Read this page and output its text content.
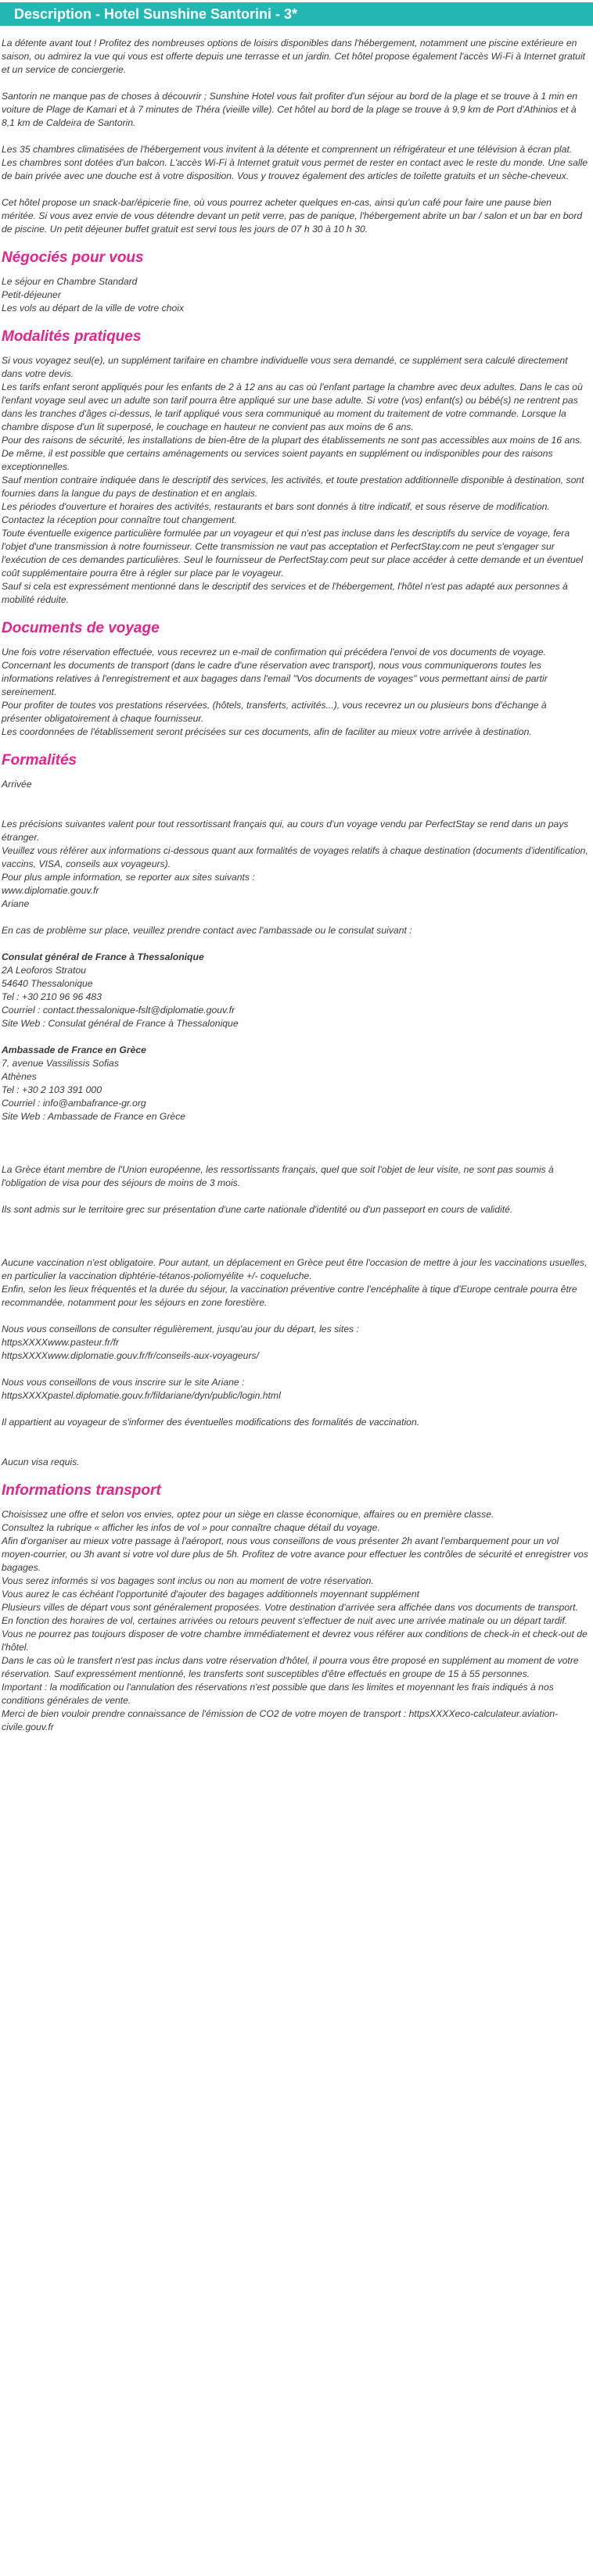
Description - Hotel Sunshine Santorini - 3*

La détente avant tout ! Profitez des nombreuses options de loisirs disponibles dans l'hébergement, notamment une piscine extérieure en saison, ou admirez la vue qui vous est offerte depuis une terrasse et un jardin. Cet hôtel propose également l'accès Wi-Fi à Internet gratuit et un service de conciergerie.

Santorin ne manque pas de choses à découvrir ; Sunshine Hotel vous fait profiter d'un séjour au bord de la plage et se trouve à 1 min en voiture de Plage de Kamari et à 7 minutes de Théra (vieille ville). Cet hôtel au bord de la plage se trouve à 9,9 km de Port d'Athinios et à 8,1 km de Caldeira de Santorin.

Les 35 chambres climatisées de l'hébergement vous invitent à la détente et comprennent un réfrigérateur et une télévision à écran plat. Les chambres sont dotées d'un balcon. L'accès Wi-Fi à Internet gratuit vous permet de rester en contact avec le reste du monde. Une salle de bain privée avec une douche est à votre disposition. Vous y trouvez également des articles de toilette gratuits et un sèche-cheveux.

Cet hôtel propose un snack-bar/épicerie fine, où vous pourrez acheter quelques en-cas, ainsi qu'un café pour faire une pause bien méritée. Si vous avez envie de vous détendre devant un petit verre, pas de panique, l'hébergement abrite un bar / salon et un bar en bord de piscine. Un petit déjeuner buffet gratuit est servi tous les jours de 07 h 30 à 10 h 30.

Négociés pour vous

Le séjour en Chambre Standard

Petit-déjeuner

Les vols au départ de la ville de votre choix

Modalités pratiques

Si vous voyagez seul(e), un supplément tarifaire en chambre individuelle vous sera demandé, ce supplément sera calculé directement dans votre devis.

Les tarifs enfant seront appliqués pour les enfants de 2 à 12 ans au cas où l'enfant partage la chambre avec deux adultes. Dans le cas où l'enfant voyage seul avec un adulte son tarif pourra être appliqué sur une base adulte. Si votre (vos) enfant(s) ou bébé(s) ne rentrent pas dans les tranches d'âges ci-dessus, le tarif appliqué vous sera communiqué au moment du traitement de votre commande. Lorsque la chambre dispose d'un lit superposé, le couchage en hauteur ne convient pas aux moins de 6 ans.

Pour des raisons de sécurité, les installations de bien-être de la plupart des établissements ne sont pas accessibles aux moins de 16 ans. De même, il est possible que certains aménagements ou services soient payants en supplément ou indisponibles pour des raisons exceptionnelles.

Sauf mention contraire indiquée dans le descriptif des services, les activités, et toute prestation additionnelle disponible à destination, sont fournies dans la langue du pays de destination et en anglais.

Les périodes d'ouverture et horaires des activités, restaurants et bars sont donnés à titre indicatif, et sous réserve de modification. Contactez la réception pour connaître tout changement.

Toute éventuelle exigence particulière formulée par un voyageur et qui n'est pas incluse dans les descriptifs du service de voyage, fera l'objet d'une transmission à notre fournisseur. Cette transmission ne vaut pas acceptation et PerfectStay.com ne peut s'engager sur l'exécution de ces demandes particulières. Seul le fournisseur de PerfectStay.com peut sur place accéder à cette demande et un éventuel coût supplémentaire pourra être à régler sur place par le voyageur.

Sauf si cela est expressément mentionné dans le descriptif des services et de l'hébergement, l'hôtel n'est pas adapté aux personnes à mobilité réduite.

Documents de voyage

Une fois votre réservation effectuée, vous recevrez un e-mail de confirmation qui précédera l'envoi de vos documents de voyage.

Concernant les documents de transport (dans le cadre d'une réservation avec transport), nous vous communiquerons toutes les informations relatives à l'enregistrement et aux bagages dans l'email "Vos documents de voyages" vous permettant ainsi de partir sereinement.

Pour profiter de toutes vos prestations réservées, (hôtels, transferts, activités...), vous recevrez un ou plusieurs bons d'échange à présenter obligatoirement à chaque fournisseur.

Les coordonnées de l'établissement seront précisées sur ces documents, afin de faciliter au mieux votre arrivée à destination.

Formalités

Arrivée

Les précisions suivantes valent pour tout ressortissant français qui, au cours d'un voyage vendu par PerfectStay se rend dans un pays étranger.

Veuillez vous référer aux informations ci-dessous quant aux formalités de voyages relatifs à chaque destination (documents d'identification, vaccins, VISA, conseils aux voyageurs).

Pour plus ample information, se reporter aux sites suivants :

www.diplomatie.gouv.fr

Ariane

En cas de problème sur place, veuillez prendre contact avec l'ambassade ou le consulat suivant :

Consulat général de France à Thessalonique

2A Leoforos Stratou

54640 Thessalonique

Tel : +30 210 96 96 483

Courriel : contact.thessalonique-fslt@diplomatie.gouv.fr

Site Web : Consulat général de France à Thessalonique

Ambassade de France en Grèce

7, avenue Vassilissis Sofias

Athènes

Tel : +30 2 103 391 000

Courriel : info@ambafrance-gr.org

Site Web : Ambassade de France en Grèce

La Grèce étant membre de l'Union européenne, les ressortissants français, quel que soit l'objet de leur visite, ne sont pas soumis à l'obligation de visa pour des séjours de moins de 3 mois.

Ils sont admis sur le territoire grec sur présentation d'une carte nationale d'identité ou d'un passeport en cours de validité.

Aucune vaccination n'est obligatoire. Pour autant, un déplacement en Grèce peut être l'occasion de mettre à jour les vaccinations usuelles, en particulier la vaccination diphtérie-tétanos-poliomyélite +/- coqueluche.

Enfin, selon les lieux fréquentés et la durée du séjour, la vaccination préventive contre l'encéphalite à tique d'Europe centrale pourra être recommandée, notamment pour les séjours en zone forestière.

Nous vous conseillons de consulter régulièrement, jusqu'au jour du départ, les sites :

httpsXXXXwww.pasteur.fr/fr

httpsXXXXwww.diplomatie.gouv.fr/fr/conseils-aux-voyageurs/

Nous vous conseillons de vous inscrire sur le site Ariane :

httpsXXXXpastel.diplomatie.gouv.fr/fildariane/dyn/public/login.html

Il appartient au voyageur de s'informer des éventuelles modifications des formalités de vaccination.

Aucun visa requis.

Informations transport

Choisissez une offre et selon vos envies, optez pour un siège en classe économique, affaires ou en première classe.

Consultez la rubrique « afficher les infos de vol » pour connaître chaque détail du voyage.

Afin d'organiser au mieux votre passage à l'aéroport, nous vous conseillons de vous présenter 2h avant l'embarquement pour un vol moyen-courrier, ou 3h avant si votre vol dure plus de 5h. Profitez de votre avance pour effectuer les contrôles de sécurité et enregistrer vos bagages.

Vous serez informés si vos bagages sont inclus ou non au moment de votre réservation.

Vous aurez le cas échéant l'opportunité d'ajouter des bagages additionnels moyennant supplément

Plusieurs villes de départ vous sont généralement proposées. Votre destination d'arrivée sera affichée dans vos documents de transport.

En fonction des horaires de vol, certaines arrivées ou retours peuvent s'effectuer de nuit avec une arrivée matinale ou un départ tardif. Vous ne pourrez pas toujours disposer de votre chambre immédiatement et devrez vous référer aux conditions de check-in et check-out de l'hôtel.

Dans le cas où le transfert n'est pas inclus dans votre réservation d'hôtel, il pourra vous être proposé en supplément au moment de votre réservation. Sauf expressément mentionné, les transferts sont susceptibles d'être effectués en groupe de 15 à 55 personnes.

Important : la modification ou l'annulation des réservations n'est possible que dans les limites et moyennant les frais indiqués à nos conditions générales de vente.

Merci de bien vouloir prendre connaissance de l'émission de CO2 de votre moyen de transport : httpsXXXXeco-calculateur.aviation-civile.gouv.fr
